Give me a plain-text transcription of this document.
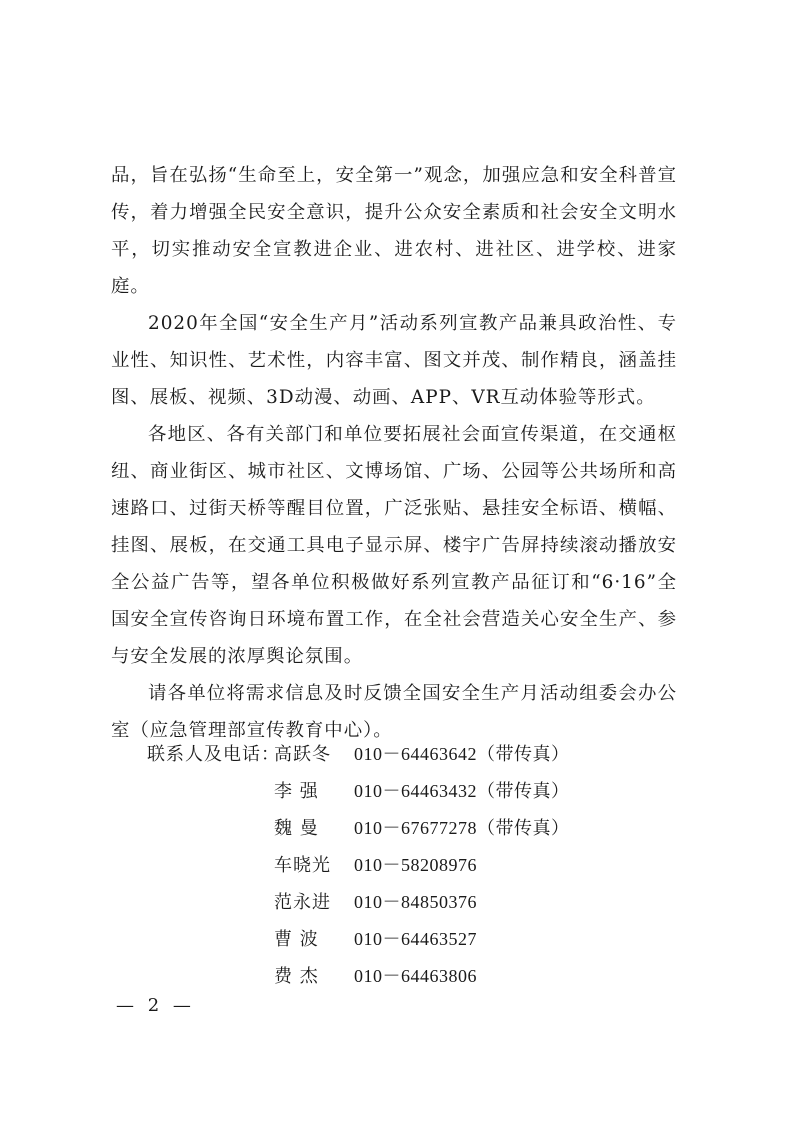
品，旨在弘扬“生命至上，安全第一”观念，加强应急和安全科普宣传，着力增强全民安全意识，提升公众安全素质和社会安全文明水平，切实推动安全宣教进企业、进农村、进社区、进学校、进家庭。

2020年全国“安全生产月”活动系列宣教产品兼具政治性、专业性、知识性、艺术性，内容丰富、图文并茂、制作精良，涵盖挂图、展板、视频、3D动漫、动画、APP、VR互动体验等形式。

各地区、各有关部门和单位要拓展社会面宣传渠道，在交通枢纽、商业街区、城市社区、文博场馆、广场、公园等公共场所和高速路口、过街天桥等醒目位置，广泛张贴、悬挂安全标语、横幅、挂图、展板，在交通工具电子显示屏、楼宇广告屏持续滚动播放安全公益广告等，望各单位积极做好系列宣教产品征订和“6·16”全国安全宣传咨询日环境布置工作，在全社会营造关心安全生产、参与安全发展的浓厚舆论氛围。

请各单位将需求信息及时反馈全国安全生产月活动组委会办公室（应急管理部宣传教育中心）。

联系人及电话：
高跃冬	010－64463642（带传真）
李 强	010－64463432（带传真）
魏 曼	010－67677278（带传真）
车晓光	010－58208976
范永进	010－84850376
曹 波	010－64463527
费 杰	010－64463806
— 2 —
